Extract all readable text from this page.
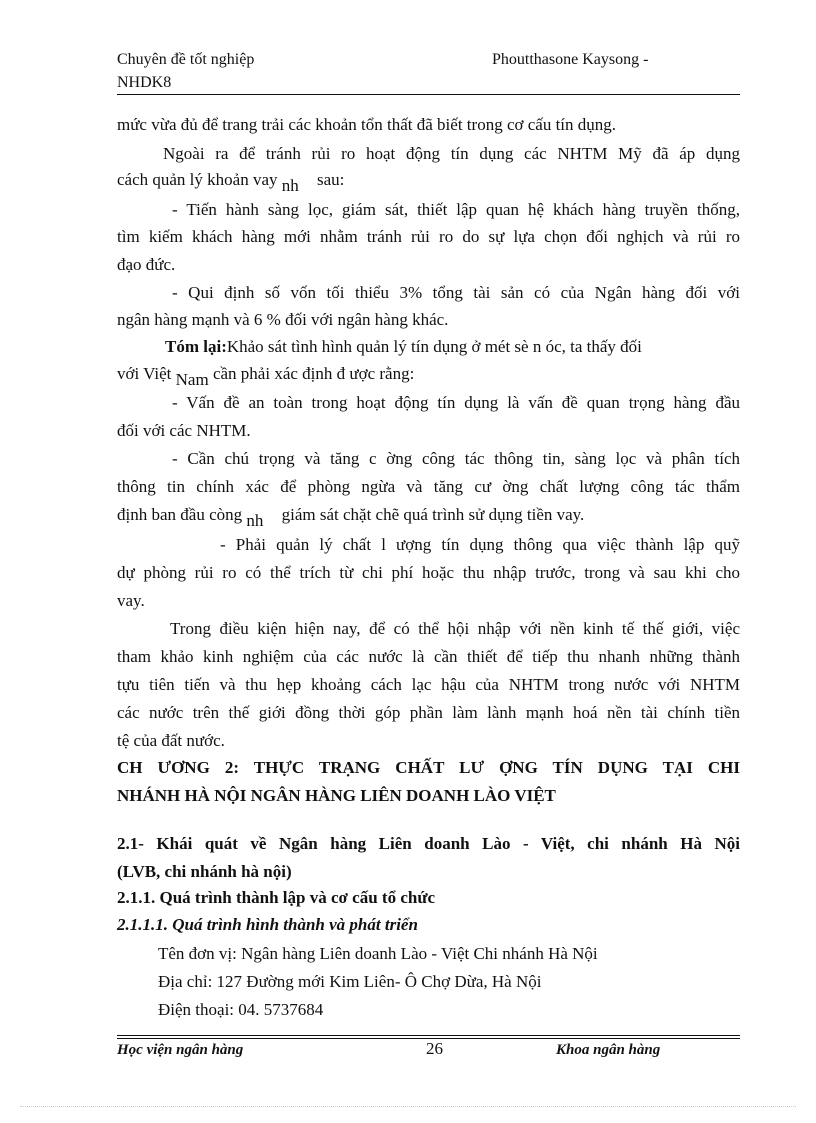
Chuyên đề tốt nghiệp	Phoutthasone Kaysong -
NHDK8
mức vừa đủ để trang trải các khoản tổn thất đã biết trong cơ cấu tín dụng.
Ngoài ra để tránh rủi ro hoạt động tín dụng các NHTM Mỹ đã áp dụng
cách quản lý khoản vay nh sau:
- Tiến hành sàng lọc, giám sát, thiết lập quan hệ khách hàng truyền thống,
tìm kiếm khách hàng mới nhằm tránh rủi ro do sự lựa chọn đối nghịch và rủi ro
đạo đức.
- Qui định số vốn tối thiểu 3% tổng tài sản có của Ngân hàng đối với
ngân hàng mạnh và 6 % đối với ngân hàng khác.
Tóm lại:Khảo sát tình hình quản lý tín dụng ở mét sè n óc, ta thấy đối
với Việt Nam cần phải xác định đ ược rằng:
- Vấn đề an toàn trong hoạt động tín dụng là vấn đề quan trọng hàng đầu
đối với các NHTM.
- Cần chú trọng và tăng c ờng công tác thông tin, sàng lọc và phân tích
thông tin chính xác để phòng ngừa và tăng cư ờng chất lượng công tác thẩm
định ban đầu còng nh giám sát chặt chẽ quá trình sử dụng tiền vay.
- Phải quản lý chất l ượng tín dụng thông qua việc thành lập quỹ
dự phòng rủi ro có thể trích từ chi phí hoặc thu nhập trước, trong và sau khi cho
vay.
Trong điều kiện hiện nay, để có thể hội nhập với nền kinh tế thế giới, việc
tham khảo kinh nghiệm của các nước là cần thiết để tiếp thu nhanh những thành
tựu tiên tiến và thu hẹp khoảng cách lạc hậu của NHTM trong nước với NHTM
các nước trên thế giới đồng thời góp phần làm lành mạnh hoá nền tài chính tiền
tệ của đất nước.
CH ƯƠNG 2: THỰC TRẠNG CHẤT LƯ ỢNG TÍN DỤNG TẠI CHI
NHÁNH HÀ NỘI NGÂN HÀNG LIÊN DOANH LÀO VIỆT
2.1- Khái quát về Ngân hàng Liên doanh Lào - Việt, chi nhánh Hà Nội
(LVB, chi nhánh hà nội)
2.1.1. Quá trình thành lập và cơ cấu tổ chức
2.1.1.1. Quá trình hình thành và phát triển
Tên đơn vị: Ngân hàng Liên doanh Lào - Việt Chi nhánh Hà Nội
Địa chỉ: 127 Đường mới Kim Liên- Ô Chợ Dừa, Hà Nội
Điện thoại: 04. 5737684
Học viện ngân hàng	26	Khoa ngân hàng
